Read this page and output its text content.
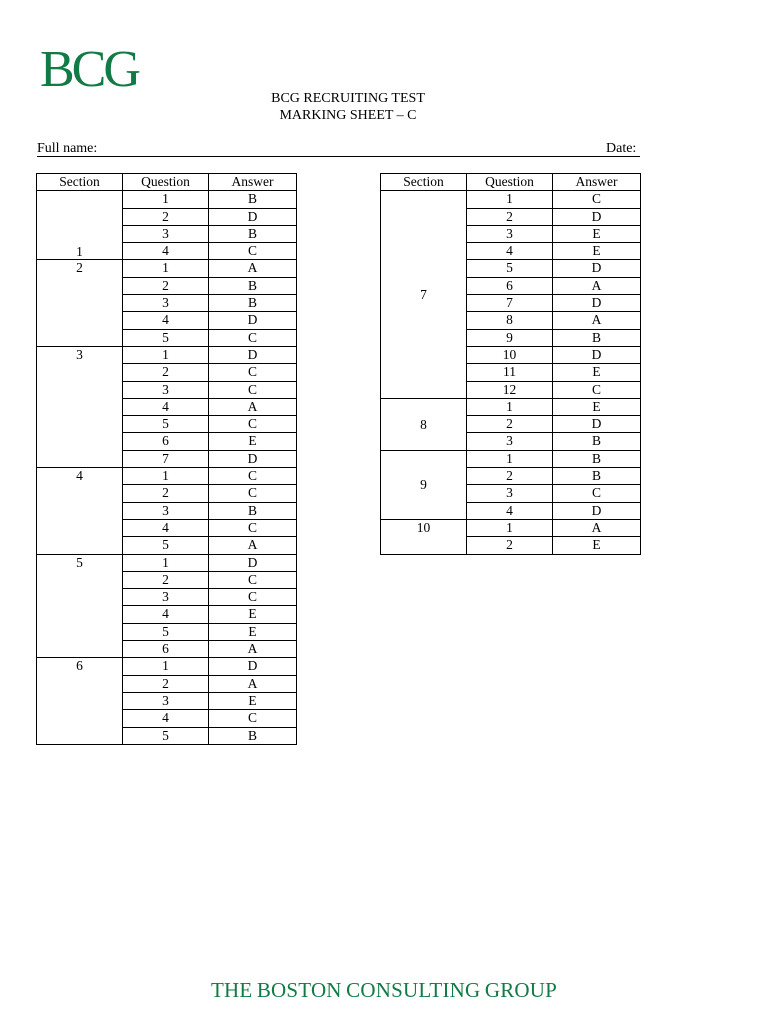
BCG
BCG RECRUITING TEST
MARKING SHEET – C
Full name:	Date:
Section	Question	Answer
1	1	B
	2	D
	3	B
	4	C
2	1	A
	2	B
	3	B
	4	D
	5	C
3	1	D
	2	C
	3	C
	4	A
	5	C
	6	E
	7	D
4	1	C
	2	C
	3	B
	4	C
	5	A
5	1	D
	2	C
	3	C
	4	E
	5	E
	6	A
6	1	D
	2	A
	3	E
	4	C
	5	B
Section	Question	Answer
7	1	C
	2	D
	3	E
	4	E
	5	D
	6	A
	7	D
	8	A
	9	B
	10	D
	11	E
	12	C
8	1	E
	2	D
	3	B
9	1	B
	2	B
	3	C
	4	D
10	1	A
	2	E
THE BOSTON CONSULTING GROUP
